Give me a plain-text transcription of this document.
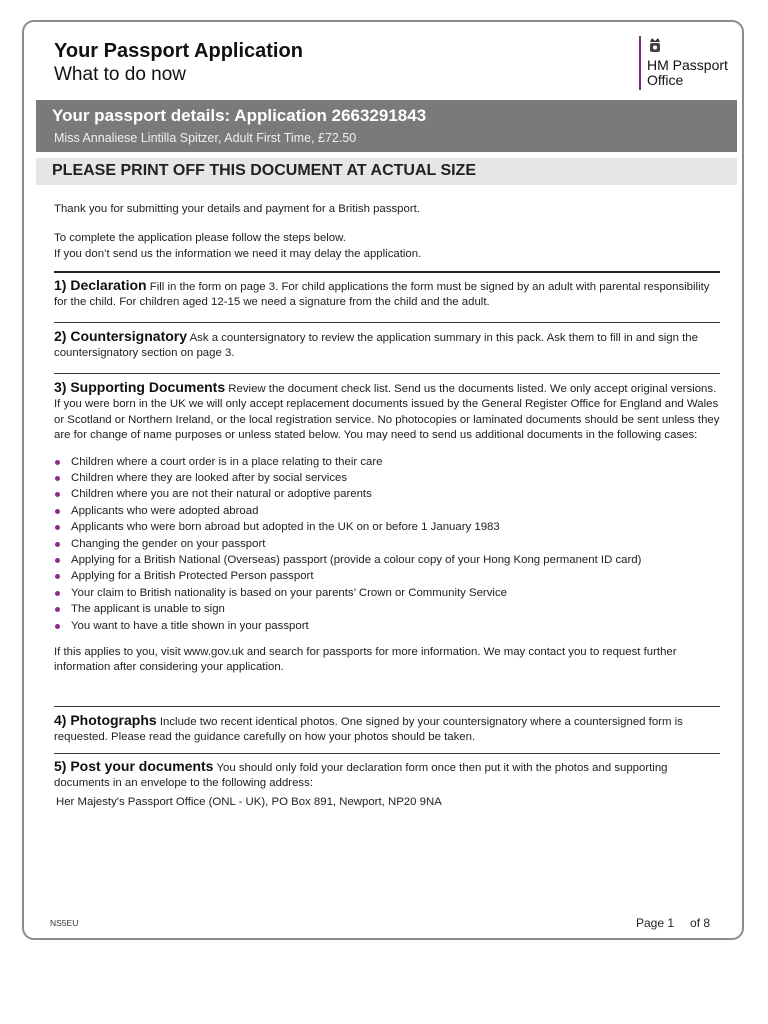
Your Passport Application
What to do now	HM Passport
Office
Your passport details: Application 2663291843
Miss Annaliese Lintilla Spitzer, Adult First Time, £72.50
PLEASE PRINT OFF THIS DOCUMENT AT ACTUAL SIZE
Thank you for submitting your details and payment for a British passport.
To complete the application please follow the steps below.
If you don’t send us the information we need it may delay the application.
1) Declaration Fill in the form on page 3. For child applications the form must be signed by an adult with parental responsibility for the child. For children aged 12-15 we need a signature from the child and the adult.
2) Countersignatory Ask a countersignatory to review the application summary in this pack. Ask them to fill in and sign the countersignatory section on page 3.
3) Supporting Documents Review the document check list. Send us the documents listed. We only accept original versions. If you were born in the UK we will only accept replacement documents issued by the General Register Office for England and Wales or Scotland or Northern Ireland, or the local registration service. No photocopies or laminated documents should be sent unless they are for change of name purposes or unless stated below. You may need to send us additional documents in the following cases:
Children where a court order is in a place relating to their care
Children where they are looked after by social services
Children where you are not their natural or adoptive parents
Applicants who were adopted abroad
Applicants who were born abroad but adopted in the UK on or before 1 January 1983
Changing the gender on your passport
Applying for a British National (Overseas) passport (provide a colour copy of your Hong Kong permanent ID card)
Applying for a British Protected Person passport
Your claim to British nationality is based on your parents’ Crown or Community Service
The applicant is unable to sign
You want to have a title shown in your passport
If this applies to you, visit www.gov.uk and search for passports for more information. We may contact you to request further information after considering your application.
4) Photographs Include two recent identical photos. One signed by your countersignatory where a countersigned form is requested. Please read the guidance carefully on how your photos should be taken.
5) Post your documents You should only fold your declaration form once then put it with the photos and supporting documents in an envelope to the following address:
Her Majesty's Passport Office (ONL - UK), PO Box 891, Newport, NP20 9NA
NS5EU	Page 1 of 8
